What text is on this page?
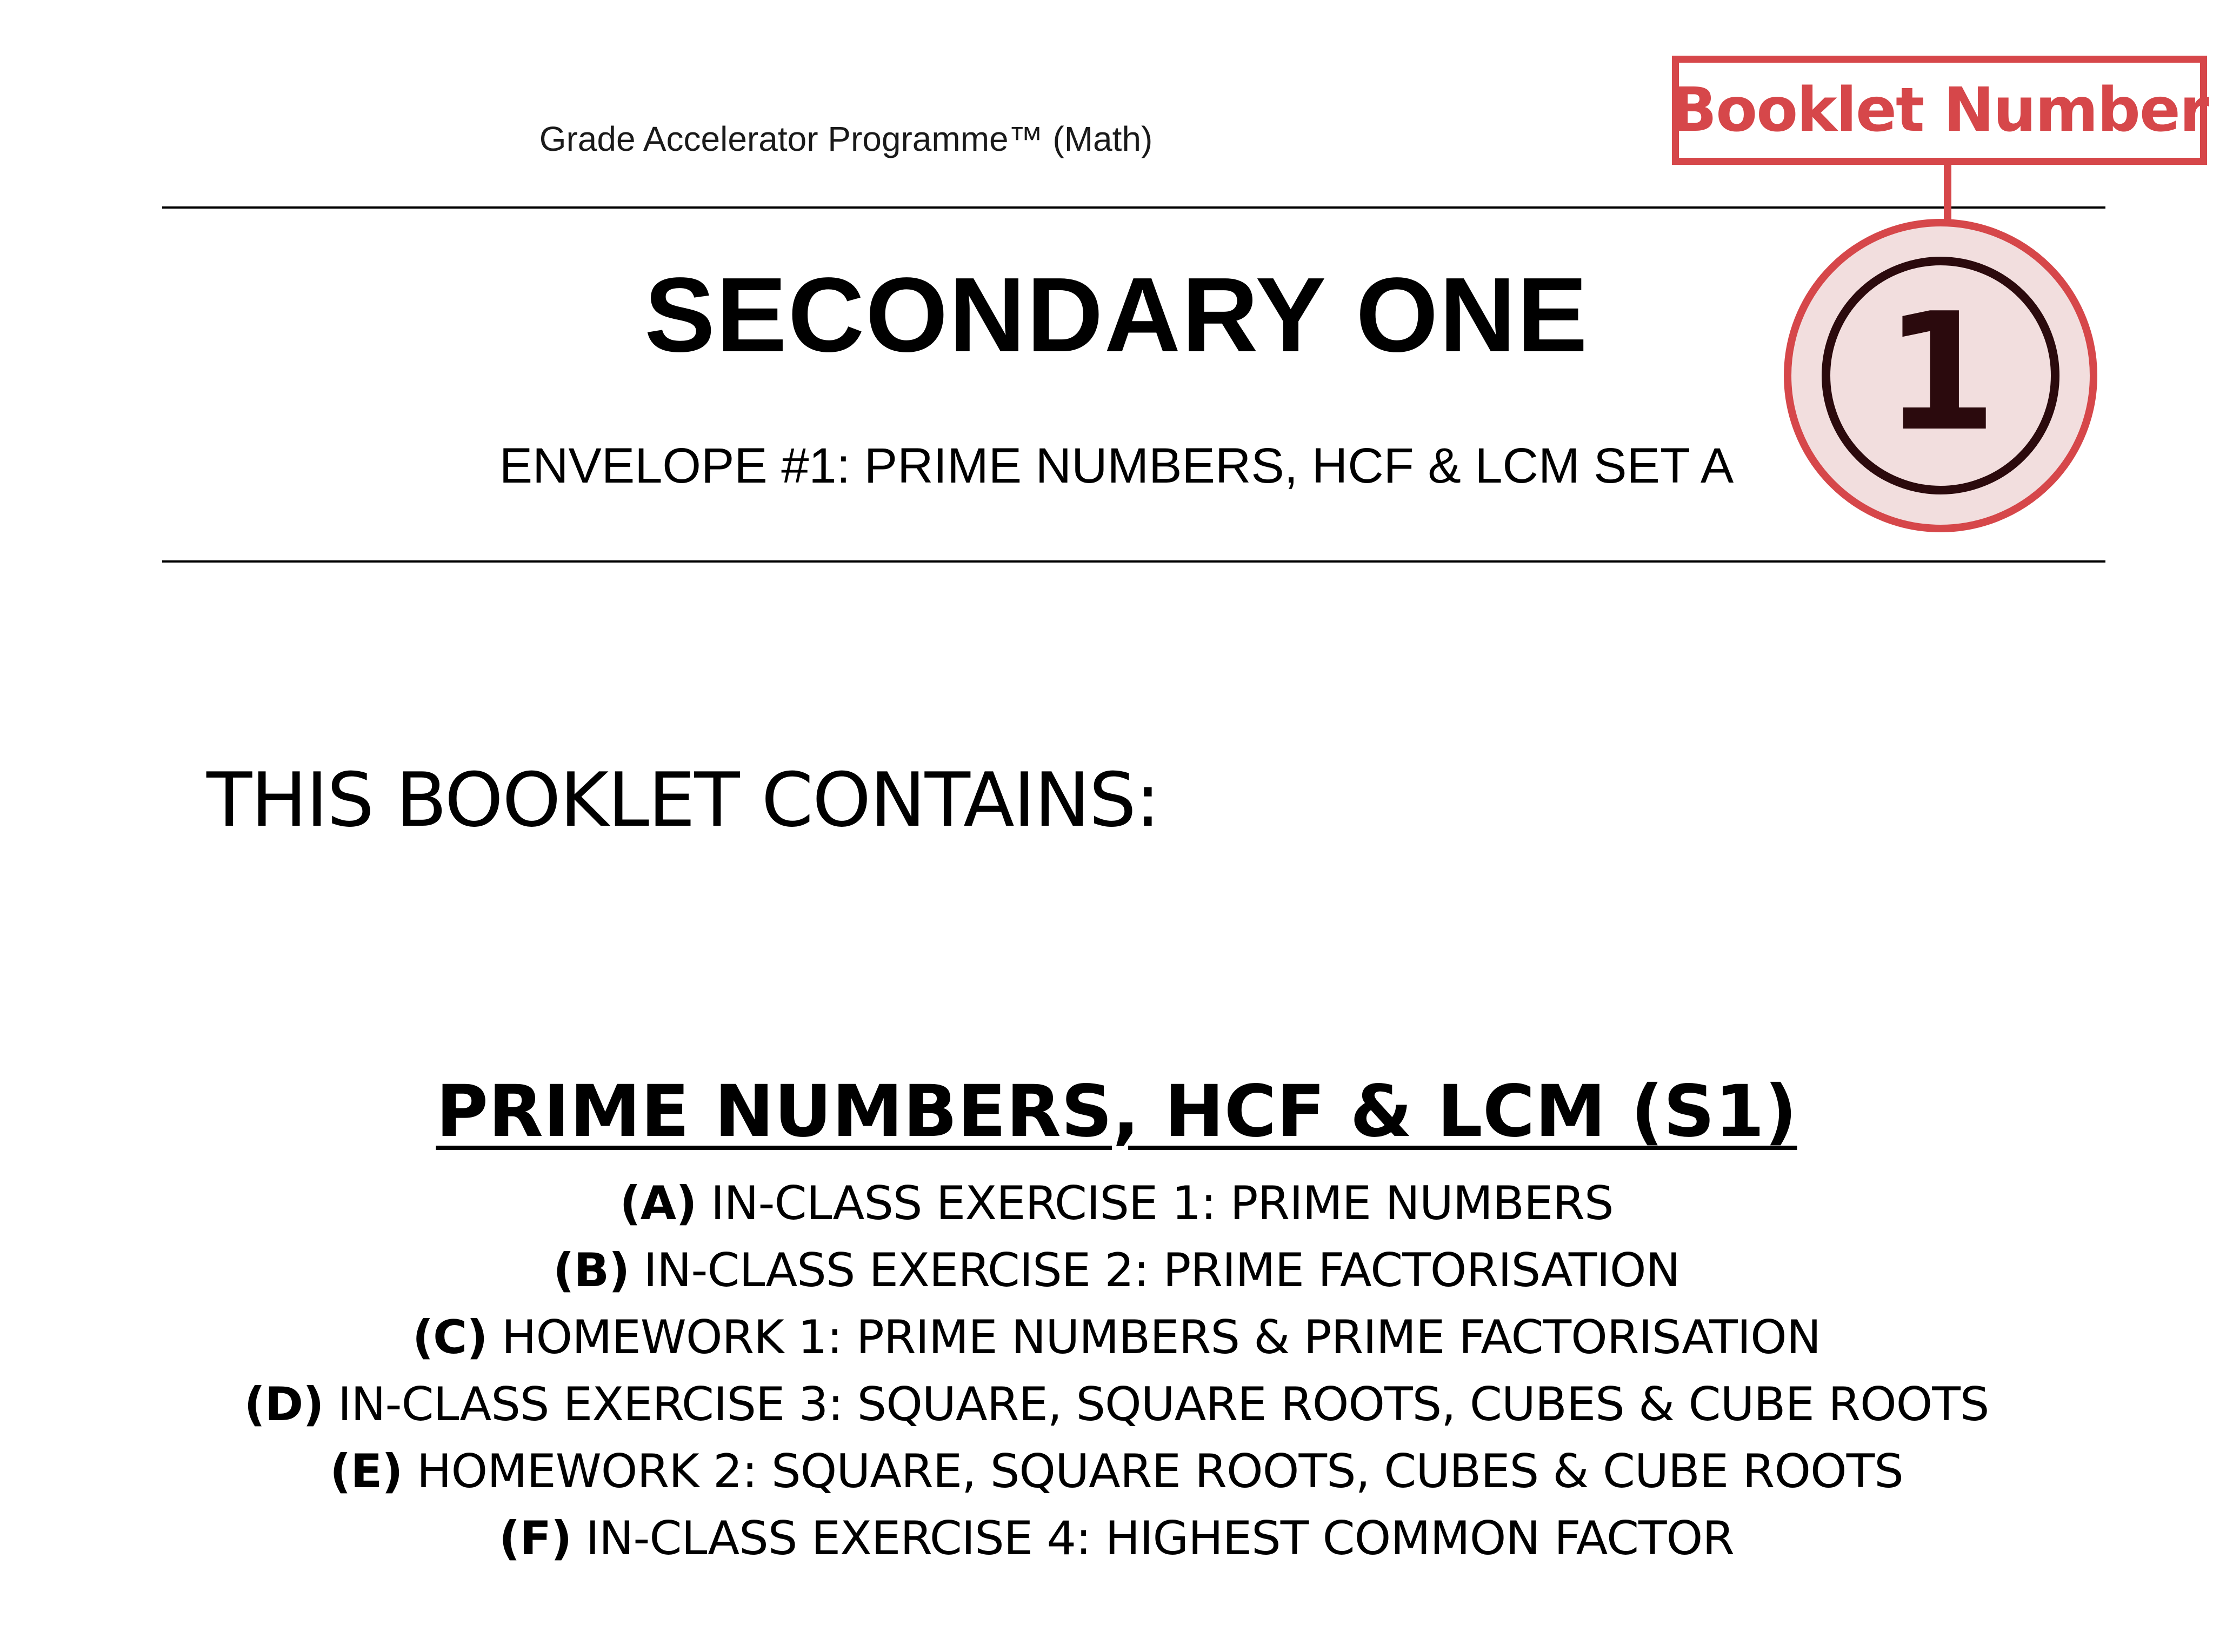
Grade Accelerator Programme™ (Math)
SECONDARY ONE
ENVELOPE #1: PRIME NUMBERS, HCF & LCM SET A
Booklet Number
1
THIS BOOKLET CONTAINS:
PRIME NUMBERS, HCF & LCM (S1)
(A) IN-CLASS EXERCISE 1: PRIME NUMBERS
(B) IN-CLASS EXERCISE 2: PRIME FACTORISATION
(C) HOMEWORK 1: PRIME NUMBERS & PRIME FACTORISATION
(D) IN-CLASS EXERCISE 3: SQUARE, SQUARE ROOTS, CUBES & CUBE ROOTS
(E) HOMEWORK 2: SQUARE, SQUARE ROOTS, CUBES & CUBE ROOTS
(F) IN-CLASS EXERCISE 4: HIGHEST COMMON FACTOR
